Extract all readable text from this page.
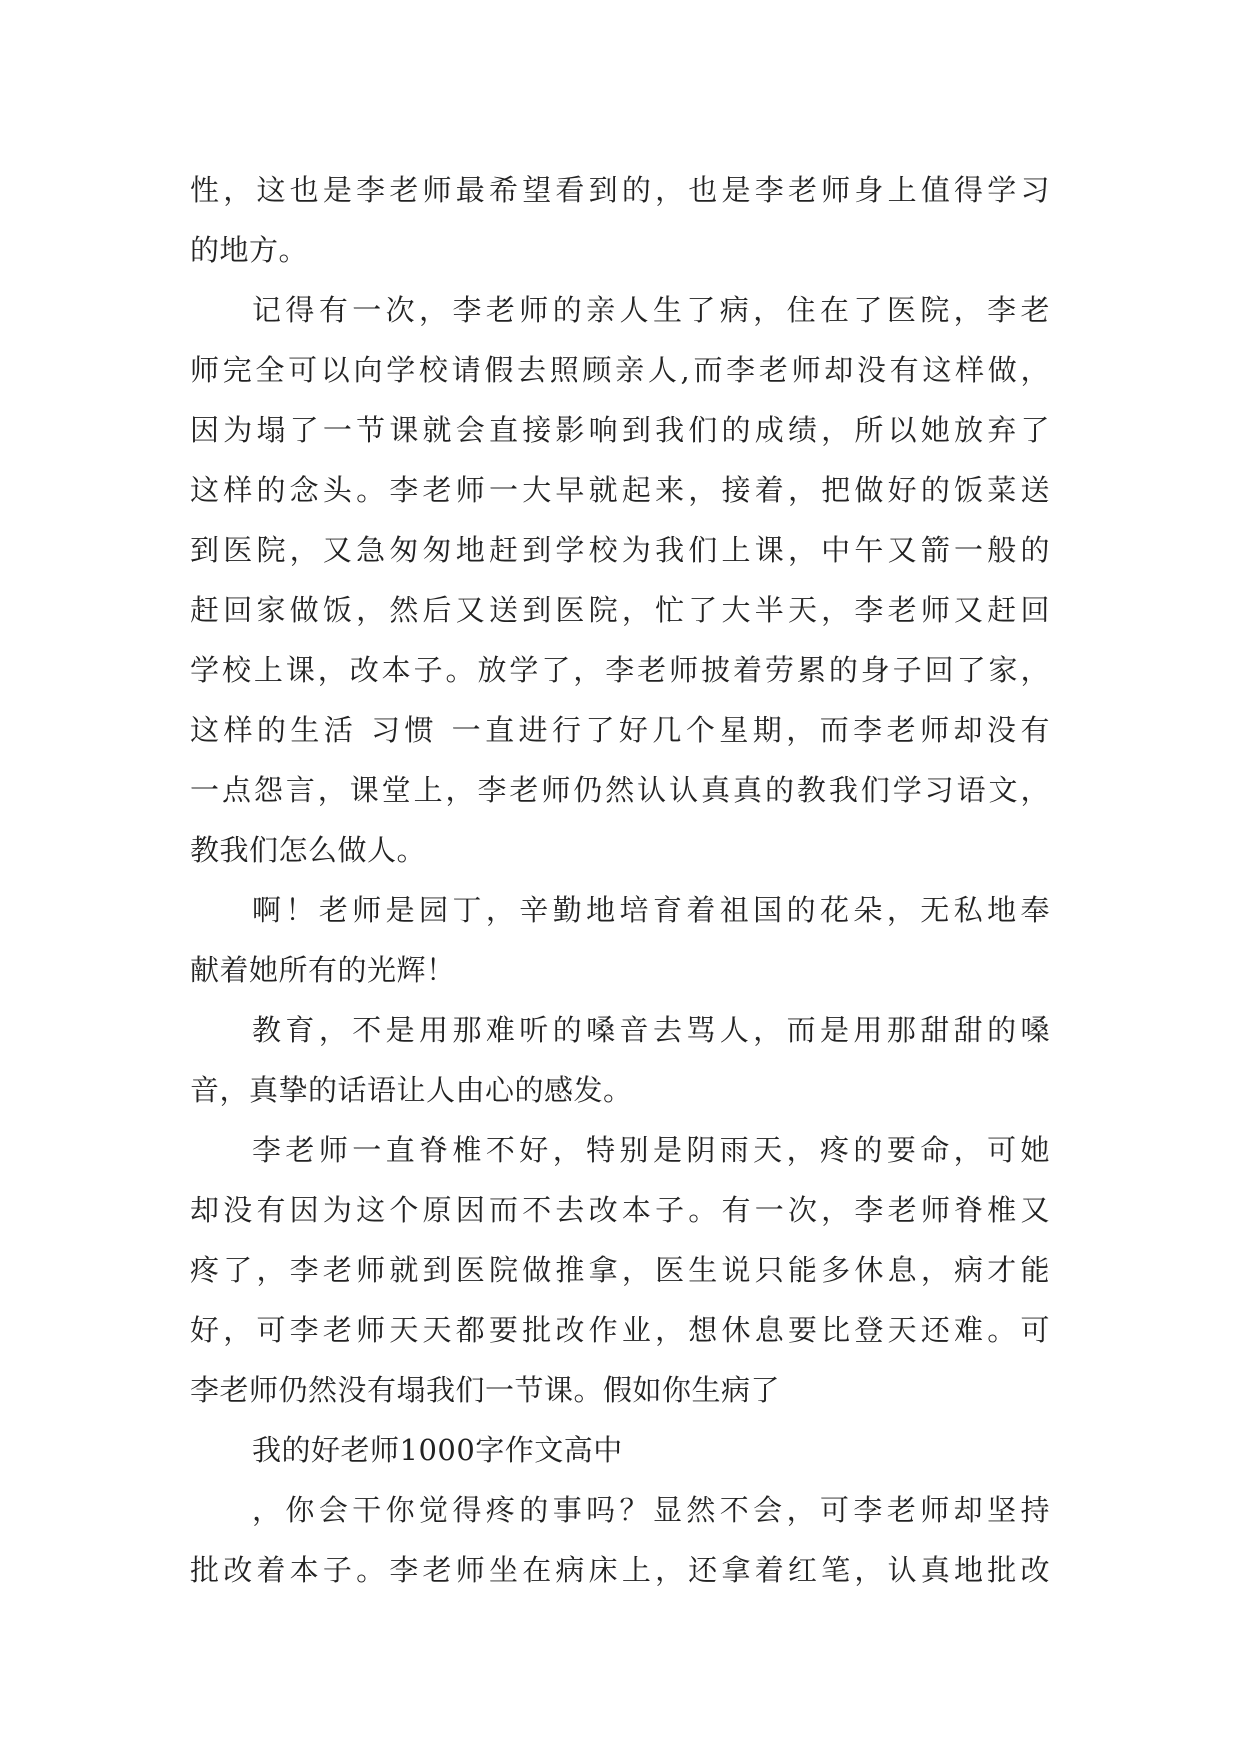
性，这也是李老师最希望看到的，也是李老师身上值得学习
的地方。
记得有一次，李老师的亲人生了病，住在了医院，李老
师完全可以向学校请假去照顾亲人,而李老师却没有这样做，
因为塌了一节课就会直接影响到我们的成绩，所以她放弃了
这样的念头。李老师一大早就起来，接着，把做好的饭菜送
到医院，又急匆匆地赶到学校为我们上课，中午又箭一般的
赶回家做饭，然后又送到医院，忙了大半天，李老师又赶回
学校上课，改本子。放学了，李老师披着劳累的身子回了家，
这样的生活 习惯 一直进行了好几个星期，而李老师却没有
一点怨言，课堂上，李老师仍然认认真真的教我们学习语文，
教我们怎么做人。
啊！老师是园丁，辛勤地培育着祖国的花朵，无私地奉
献着她所有的光辉！
教育，不是用那难听的嗓音去骂人，而是用那甜甜的嗓
音，真挚的话语让人由心的感发。
李老师一直脊椎不好，特别是阴雨天，疼的要命，可她
却没有因为这个原因而不去改本子。有一次，李老师脊椎又
疼了，李老师就到医院做推拿，医生说只能多休息，病才能
好，可李老师天天都要批改作业，想休息要比登天还难。可
李老师仍然没有塌我们一节课。假如你生病了
我的好老师1000字作文高中
，你会干你觉得疼的事吗？显然不会，可李老师却坚持
批改着本子。李老师坐在病床上，还拿着红笔，认真地批改
